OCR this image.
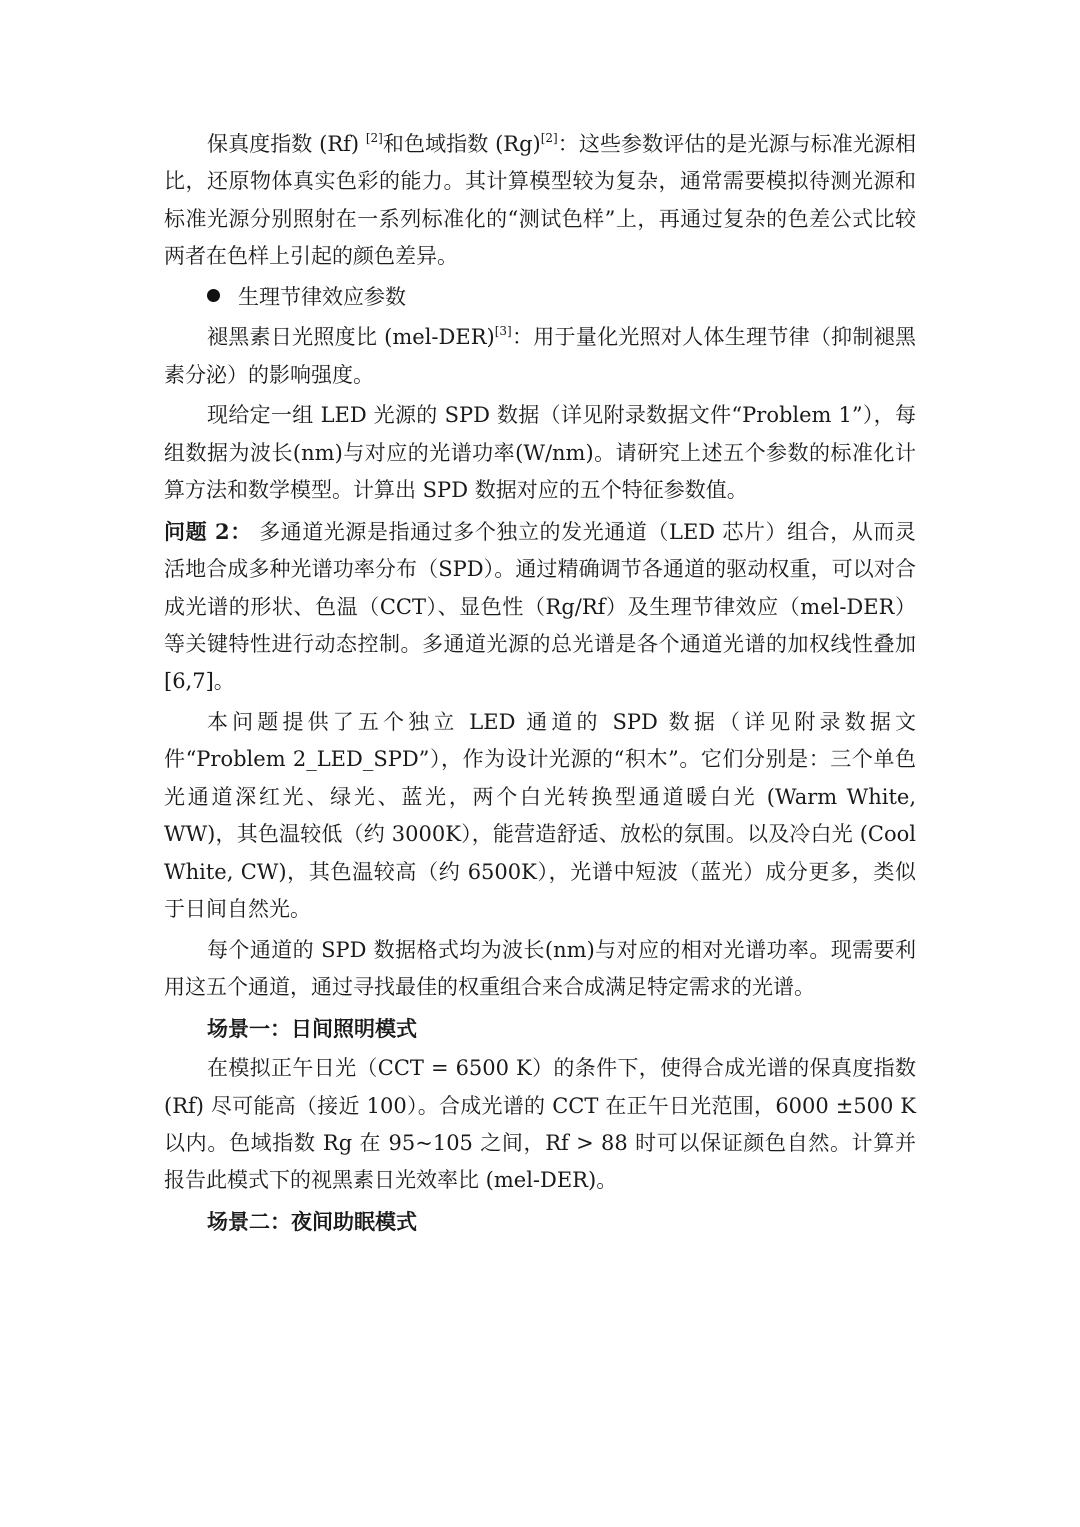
保真度指数 (Rf) [2]和色域指数 (Rg)[2]：这些参数评估的是光源与标准光源相比，还原物体真实色彩的能力。其计算模型较为复杂，通常需要模拟待测光源和标准光源分别照射在一系列标准化的“测试色样”上，再通过复杂的色差公式比较两者在色样上引起的颜色差异。

生理节律效应参数

褪黑素日光照度比 (mel-DER)[3]：用于量化光照对人体生理节律（抑制褪黑素分泌）的影响强度。

现给定一组 LED 光源的 SPD 数据（详见附录数据文件“Problem 1”），每组数据为波长(nm)与对应的光谱功率(W/nm)。请研究上述五个参数的标准化计算方法和数学模型。计算出 SPD 数据对应的五个特征参数值。

问题 2： 多通道光源是指通过多个独立的发光通道（LED 芯片）组合，从而灵活地合成多种光谱功率分布（SPD）。通过精确调节各通道的驱动权重，可以对合成光谱的形状、色温（CCT）、显色性（Rg/Rf）及生理节律效应（mel-DER）等关键特性进行动态控制。多通道光源的总光谱是各个通道光谱的加权线性叠加[6,7]。

本问题提供了五个独立 LED 通道的 SPD 数据（详见附录数据文件“Problem 2_LED_SPD”），作为设计光源的“积木”。它们分别是：三个单色光通道深红光、绿光、蓝光，两个白光转换型通道暖白光 (Warm White, WW)，其色温较低（约 3000K），能营造舒适、放松的氛围。以及冷白光 (Cool White, CW)，其色温较高（约 6500K），光谱中短波（蓝光）成分更多，类似于日间自然光。

每个通道的 SPD 数据格式均为波长(nm)与对应的相对光谱功率。现需要利用这五个通道，通过寻找最佳的权重组合来合成满足特定需求的光谱。

场景一：日间照明模式

在模拟正午日光（CCT = 6500 K）的条件下，使得合成光谱的保真度指数 (Rf) 尽可能高（接近 100）。合成光谱的 CCT 在正午日光范围，6000 ±500 K 以内。色域指数 Rg 在 95~105 之间，Rf > 88 时可以保证颜色自然。计算并报告此模式下的视黑素日光效率比 (mel-DER)。

场景二：夜间助眠模式
